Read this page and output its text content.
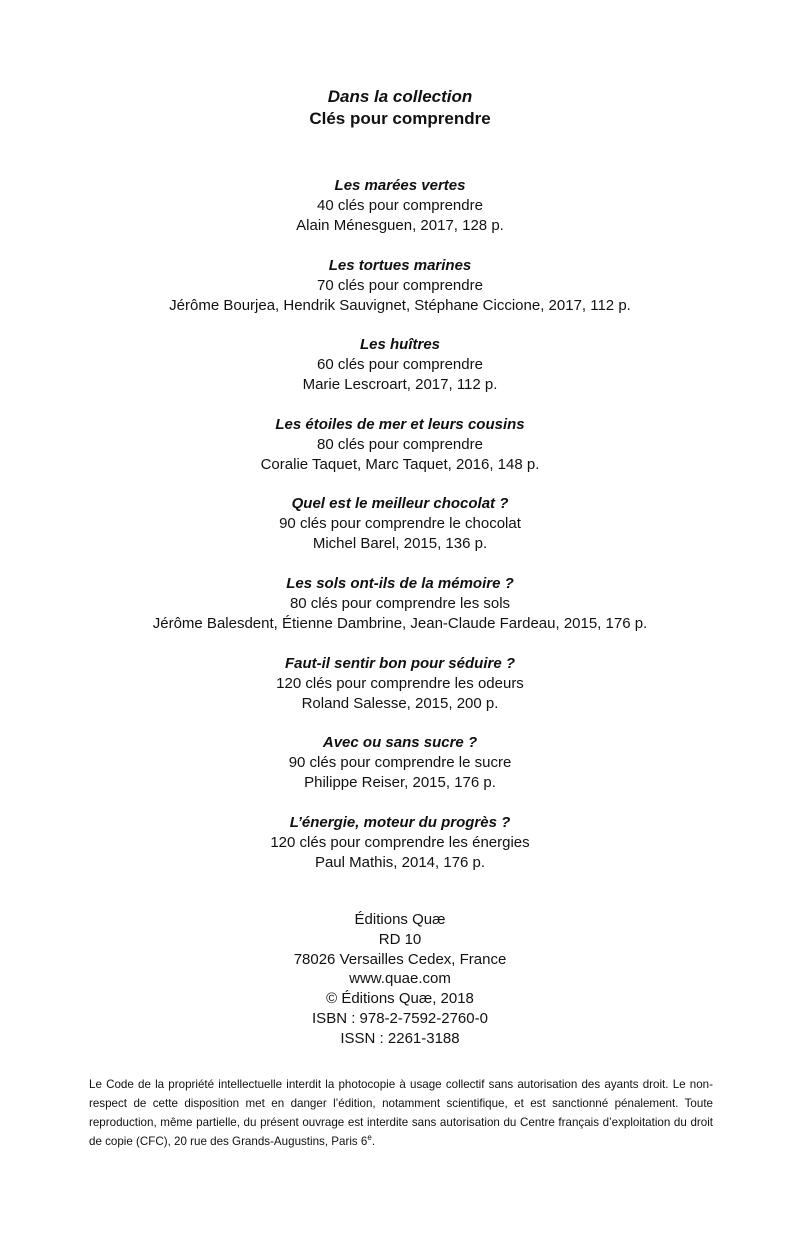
Dans la collection
Clés pour comprendre
Les marées vertes
40 clés pour comprendre
Alain Ménesguen, 2017, 128 p.
Les tortues marines
70 clés pour comprendre
Jérôme Bourjea, Hendrik Sauvignet, Stéphane Ciccione, 2017, 112 p.
Les huîtres
60 clés pour comprendre
Marie Lescroart, 2017, 112 p.
Les étoiles de mer et leurs cousins
80 clés pour comprendre
Coralie Taquet, Marc Taquet, 2016, 148 p.
Quel est le meilleur chocolat ?
90 clés pour comprendre le chocolat
Michel Barel, 2015, 136 p.
Les sols ont-ils de la mémoire ?
80 clés pour comprendre les sols
Jérôme Balesdent, Étienne Dambrine, Jean-Claude Fardeau, 2015, 176 p.
Faut-il sentir bon pour séduire ?
120 clés pour comprendre les odeurs
Roland Salesse, 2015, 200 p.
Avec ou sans sucre ?
90 clés pour comprendre le sucre
Philippe Reiser, 2015, 176 p.
L’énergie, moteur du progrès ?
120 clés pour comprendre les énergies
Paul Mathis, 2014, 176 p.
Éditions Quæ
RD 10
78026 Versailles Cedex, France
www.quae.com
© Éditions Quæ, 2018
ISBN : 978-2-7592-2760-0
ISSN : 2261-3188
Le Code de la propriété intellectuelle interdit la photocopie à usage collectif sans autorisation des ayants droit. Le non-respect de cette disposition met en danger l’édition, notamment scientifique, et est sanctionné pénalement. Toute reproduction, même partielle, du présent ouvrage est interdite sans autorisation du Centre français d’exploitation du droit de copie (CFC), 20 rue des Grands-Augustins, Paris 6e.
